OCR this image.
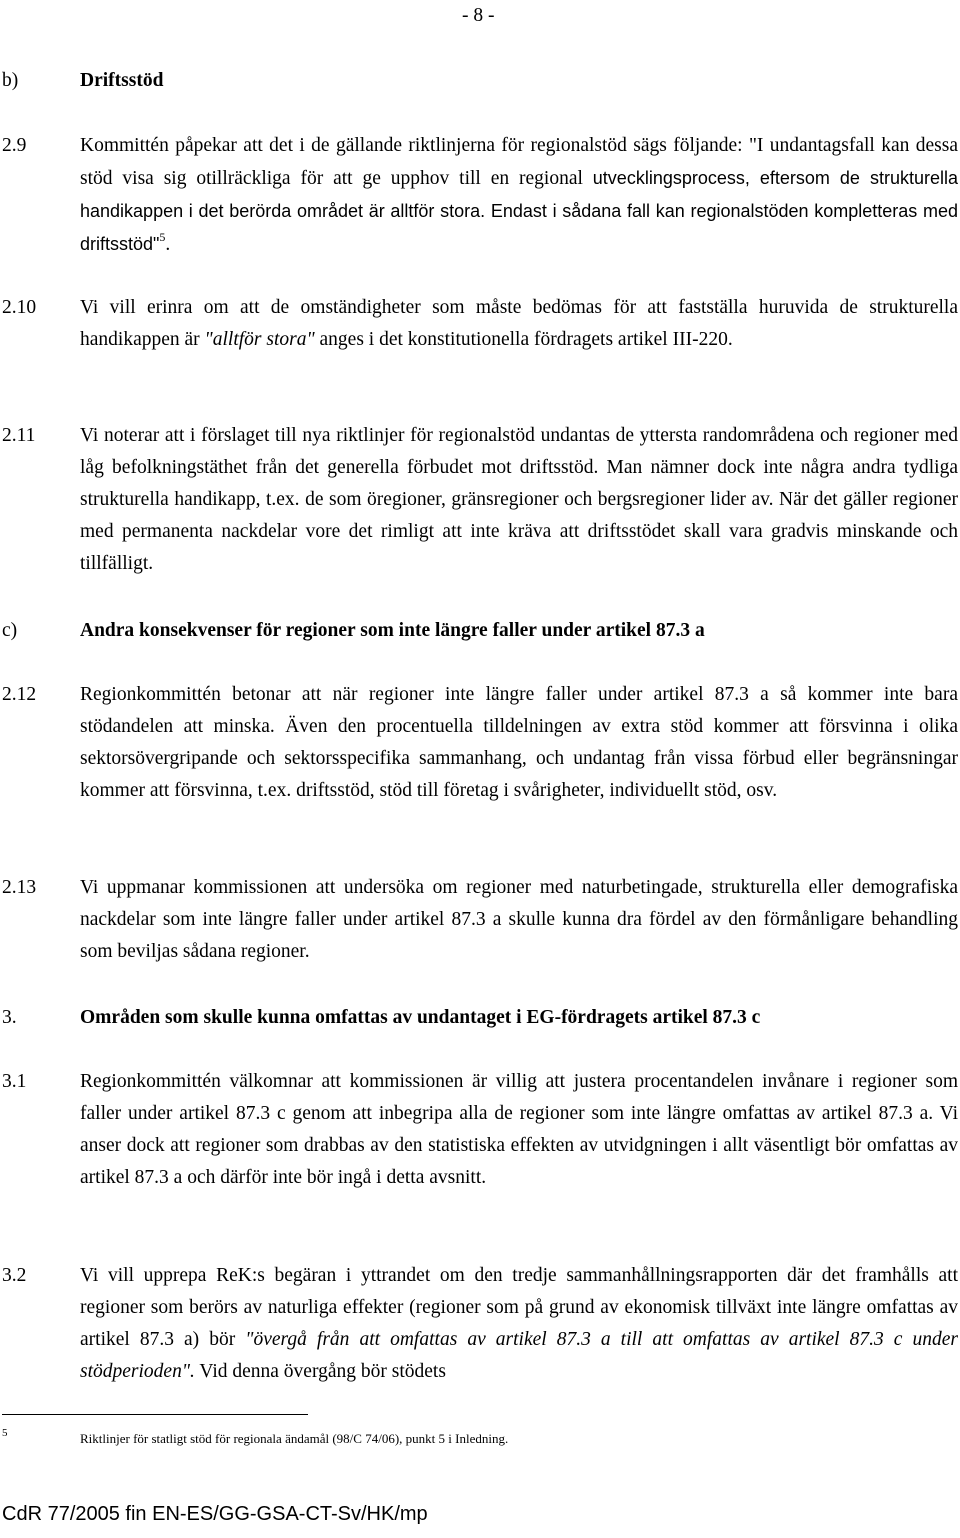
- 8 -
b)	Driftsstöd
2.9	Kommittén påpekar att det i de gällande riktlinjerna för regionalstöd sägs följande: "I undantagsfall kan dessa stöd visa sig otillräckliga för att ge upphov till en regional utvecklingsprocess, eftersom de strukturella handikappen i det berörda området är alltför stora. Endast i sådana fall kan regionalstöden kompletteras med driftsstöd"$^5$.
2.10	Vi vill erinra om att de omständigheter som måste bedömas för att fastställa huruvida de strukturella handikappen är "alltför stora" anges i det konstitutionella fördragets artikel III-220.
2.11	Vi noterar att i förslaget till nya riktlinjer för regionalstöd undantas de yttersta randområdena och regioner med låg befolkningstäthet från det generella förbudet mot driftsstöd. Man nämner dock inte några andra tydliga strukturella handikapp, t.ex. de som öregioner, gränsregioner och bergsregioner lider av. När det gäller regioner med permanenta nackdelar vore det rimligt att inte kräva att driftsstödet skall vara gradvis minskande och tillfälligt.
c)	Andra konsekvenser för regioner som inte längre faller under artikel 87.3 a
2.12	Regionkommittén betonar att när regioner inte längre faller under artikel 87.3 a så kommer inte bara stödandelen att minska. Även den procentuella tilldelningen av extra stöd kommer att försvinna i olika sektorsövergripande och sektorsspecifika sammanhang, och undantag från vissa förbud eller begränsningar kommer att försvinna, t.ex. driftsstöd, stöd till företag i svårigheter, individuellt stöd, osv.
2.13	Vi uppmanar kommissionen att undersöka om regioner med naturbetingade, strukturella eller demografiska nackdelar som inte längre faller under artikel 87.3 a skulle kunna dra fördel av den förmånligare behandling som beviljas sådana regioner.
3.	Områden som skulle kunna omfattas av undantaget i EG-fördragets artikel 87.3 c
3.1	Regionkommittén välkomnar att kommissionen är villig att justera procentandelen invånare i regioner som faller under artikel 87.3 c genom att inbegripa alla de regioner som inte längre omfattas av artikel 87.3 a. Vi anser dock att regioner som drabbas av den statistiska effekten av utvidgningen i allt väsentligt bör omfattas av artikel 87.3 a och därför inte bör ingå i detta avsnitt.
3.2	Vi vill upprepa ReK:s begäran i yttrandet om den tredje sammanhållningsrapporten där det framhålls att regioner som berörs av naturliga effekter (regioner som på grund av ekonomisk tillväxt inte längre omfattas av artikel 87.3 a) bör "övergå från att omfattas av artikel 87.3 a till att omfattas av artikel 87.3 c under stödperioden". Vid denna övergång bör stödets
5	Riktlinjer för statligt stöd för regionala ändamål (98/C 74/06), punkt 5 i Inledning.
CdR 77/2005 fin EN-ES/GG-GSA-CT-Sv/HK/mp
